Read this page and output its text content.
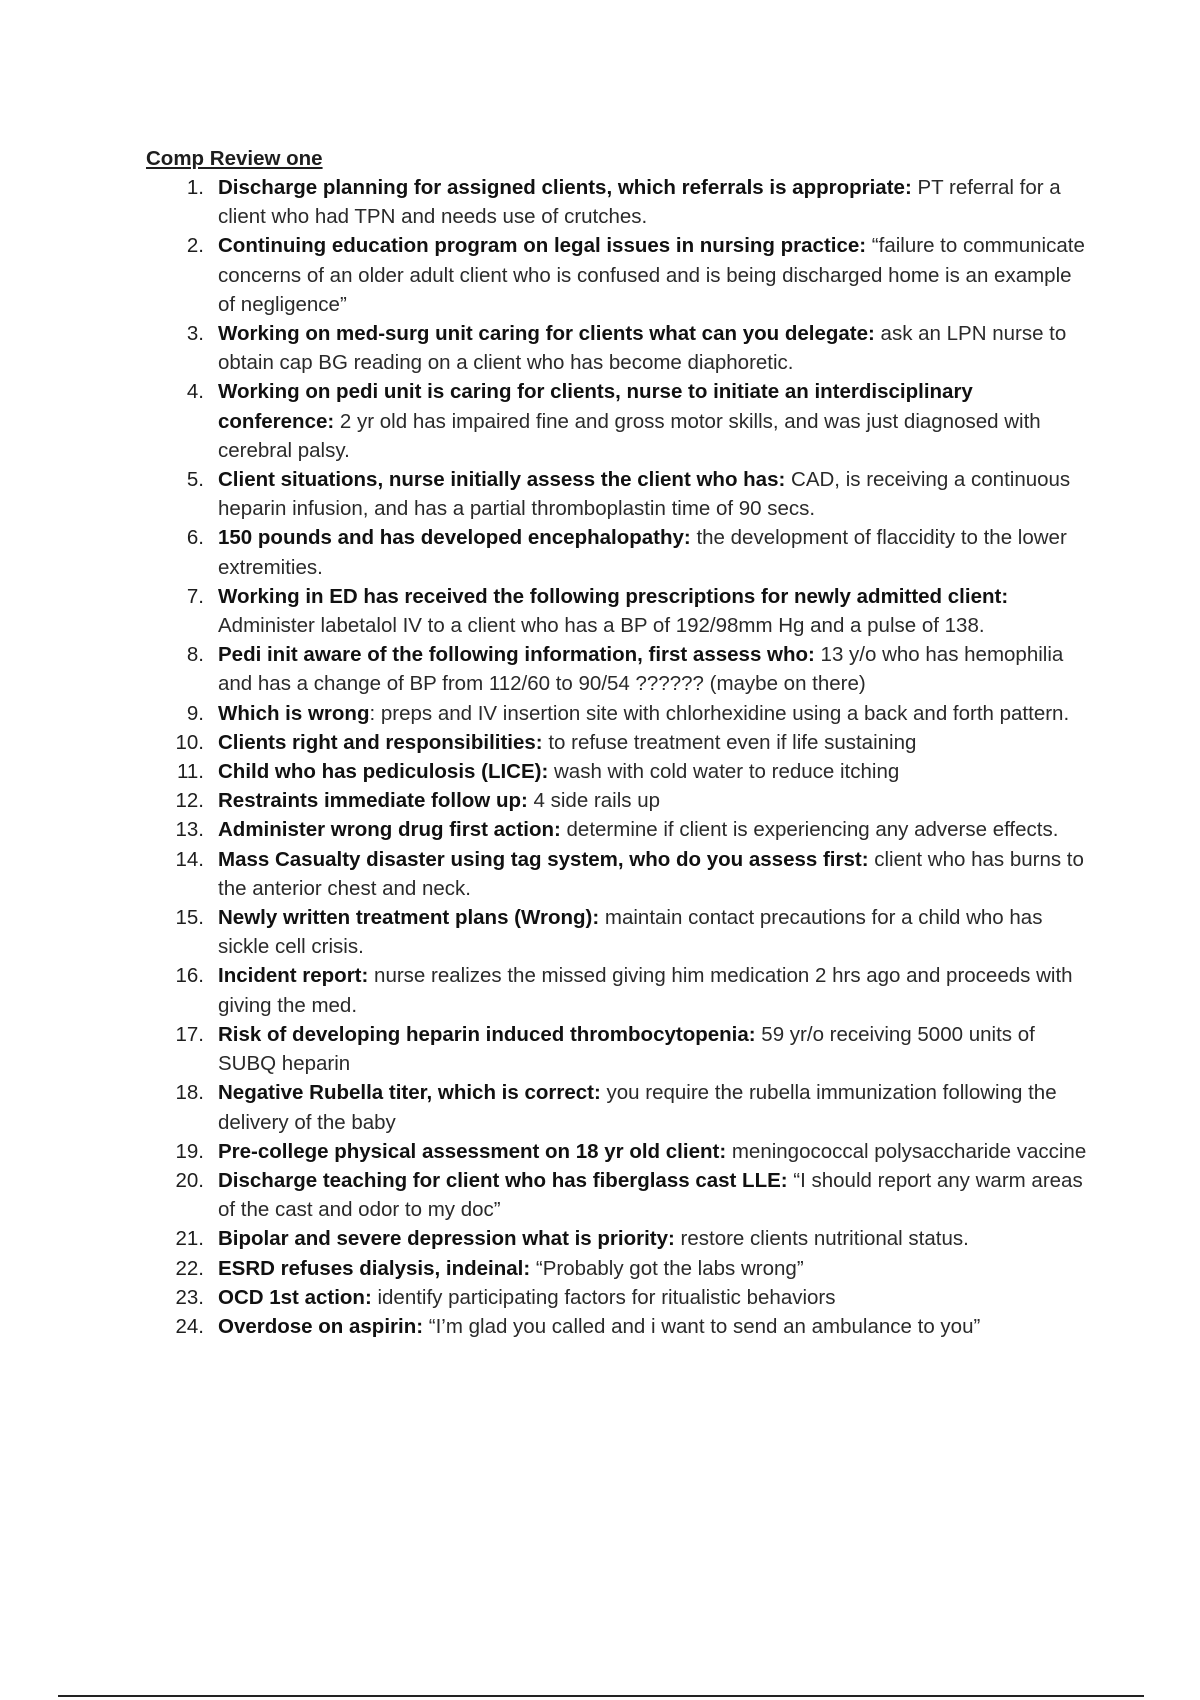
Comp Review one
1. Discharge planning for assigned clients, which referrals is appropriate: PT referral for a client who had TPN and needs use of crutches.
2. Continuing education program on legal issues in nursing practice: “failure to communicate concerns of an older adult client who is confused and is being discharged home is an example of negligence”
3. Working on med-surg unit caring for clients what can you delegate: ask an LPN nurse to obtain cap BG reading on a client who has become diaphoretic.
4. Working on pedi unit is caring for clients, nurse to initiate an interdisciplinary conference: 2 yr old has impaired fine and gross motor skills, and was just diagnosed with cerebral palsy.
5. Client situations, nurse initially assess the client who has: CAD, is receiving a continuous heparin infusion, and has a partial thromboplastin time of 90 secs.
6. 150 pounds and has developed encephalopathy: the development of flaccidity to the lower extremities.
7. Working in ED has received the following prescriptions for newly admitted client: Administer labetalol IV to a client who has a BP of 192/98mm Hg and a pulse of 138.
8. Pedi init aware of the following information, first assess who: 13 y/o who has hemophilia and has a change of BP from 112/60 to 90/54 ?????? (maybe on there)
9. Which is wrong: preps and IV insertion site with chlorhexidine using a back and forth pattern.
10. Clients right and responsibilities: to refuse treatment even if life sustaining
11. Child who has pediculosis (LICE): wash with cold water to reduce itching
12. Restraints immediate follow up: 4 side rails up
13. Administer wrong drug first action: determine if client is experiencing any adverse effects.
14. Mass Casualty disaster using tag system, who do you assess first: client who has burns to the anterior chest and neck.
15. Newly written treatment plans (Wrong): maintain contact precautions for a child who has sickle cell crisis.
16. Incident report: nurse realizes the missed giving him medication 2 hrs ago and proceeds with giving the med.
17. Risk of developing heparin induced thrombocytopenia: 59 yr/o receiving 5000 units of SUBQ heparin
18. Negative Rubella titer, which is correct: you require the rubella immunization following the delivery of the baby
19. Pre-college physical assessment on 18 yr old client: meningococcal polysaccharide vaccine
20. Discharge teaching for client who has fiberglass cast LLE: “I should report any warm areas of the cast and odor to my doc”
21. Bipolar and severe depression what is priority: restore clients nutritional status.
22. ESRD refuses dialysis, indeinal: “Probably got the labs wrong”
23. OCD 1st action: identify participating factors for ritualistic behaviors
24. Overdose on aspirin: “I’m glad you called and i want to send an ambulance to you”
